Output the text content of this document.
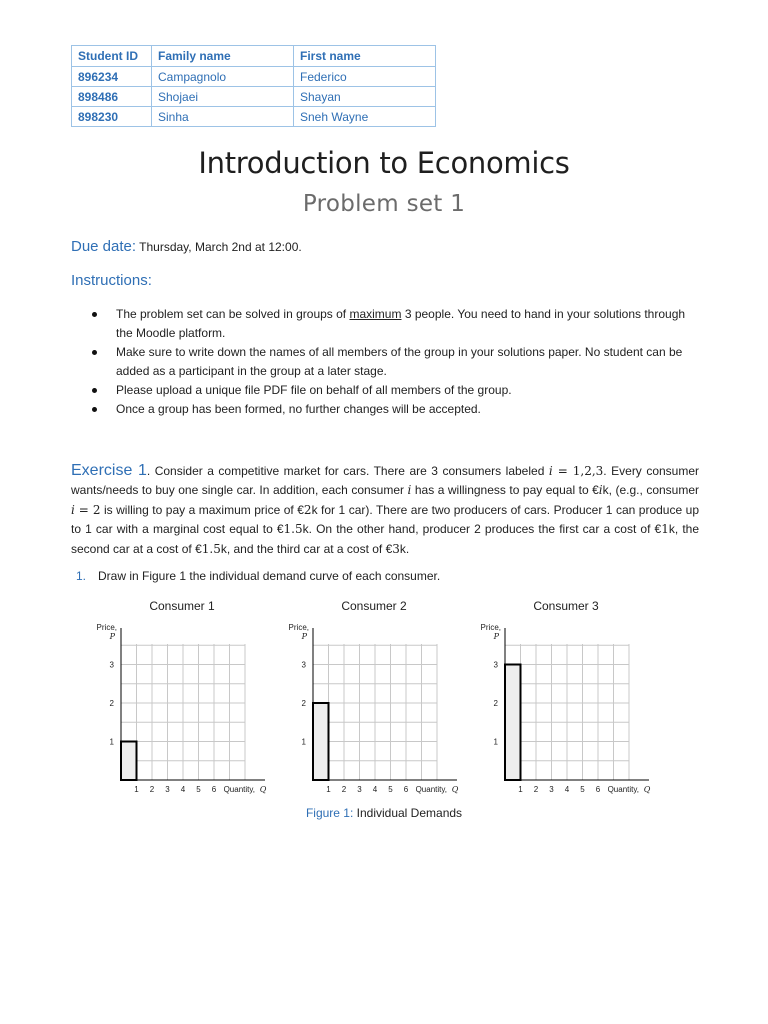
Student ID	Family name	First name
896234	Campagnolo	Federico
898486	Shojaei	Shayan
898230	Sinha	Sneh Wayne
Introduction to Economics
Problem set 1
Due date: Thursday, March 2nd at 12:00.
Instructions:
The problem set can be solved in groups of maximum 3 people. You need to hand in your solutions through the Moodle platform.
Make sure to write down the names of all members of the group in your solutions paper. No student can be added as a participant in the group at a later stage.
Please upload a unique file PDF file on behalf of all members of the group.
Once a group has been formed, no further changes will be accepted.
Exercise 1. Consider a competitive market for cars. There are 3 consumers labeled i = 1,2,3. Every consumer wants/needs to buy one single car. In addition, each consumer i has a willingness to pay equal to €ik, (e.g., consumer i = 2 is willing to pay a maximum price of €2k for 1 car). There are two producers of cars. Producer 1 can produce up to 1 car with a marginal cost equal to €1.5k. On the other hand, producer 2 produces the first car a cost of €1k, the second car at a cost of €1.5k, and the third car at a cost of €3k.
1. Draw in Figure 1 the individual demand curve of each consumer.
Consumer 1
Price,
P
1
2
3
1 2 3 4 5 6 Quantity, Q
Consumer 2
Price,
P
1
2
3
1 2 3 4 5 6 Quantity, Q
Consumer 3
Price,
P
1
2
3
1 2 3 4 5 6 Quantity, Q
Figure 1: Individual Demands
